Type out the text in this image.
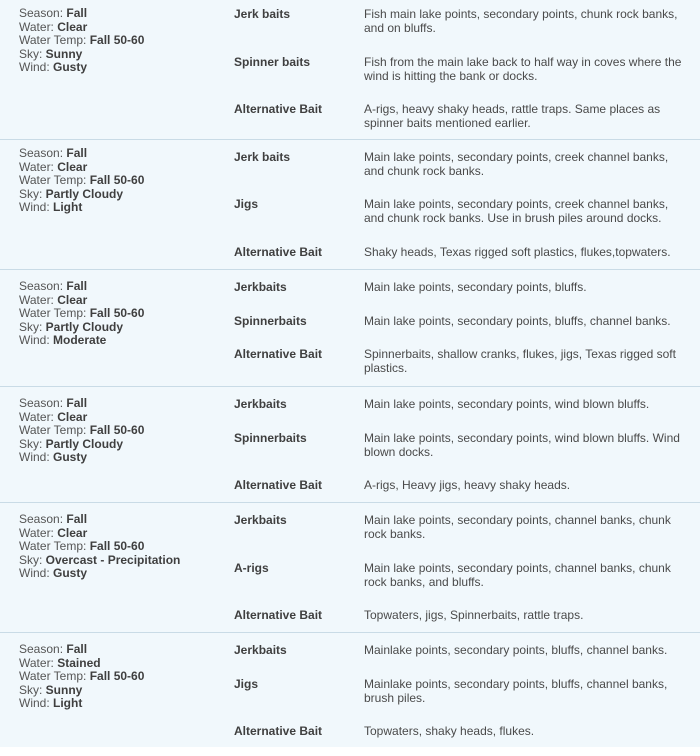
Season: Fall
Water: Clear
Water Temp: Fall 50-60
Sky: Sunny
Wind: Gusty
Jerk baits	Fish main lake points, secondary points, chunk rock banks, and on bluffs.
Spinner baits	Fish from the main lake back to half way in coves where the wind is hitting the bank or docks.
Alternative Bait	A-rigs, heavy shaky heads, rattle traps. Same places as spinner baits mentioned earlier.
Season: Fall
Water: Clear
Water Temp: Fall 50-60
Sky: Partly Cloudy
Wind: Light
Jerk baits	Main lake points, secondary points, creek channel banks, and chunk rock banks.
Jigs	Main lake points, secondary points, creek channel banks, and chunk rock banks. Use in brush piles around docks.
Alternative Bait	Shaky heads, Texas rigged soft plastics, flukes,topwaters.
Season: Fall
Water: Clear
Water Temp: Fall 50-60
Sky: Partly Cloudy
Wind: Moderate
Jerkbaits	Main lake points, secondary points, bluffs.
Spinnerbaits	Main lake points, secondary points, bluffs, channel banks.
Alternative Bait	Spinnerbaits, shallow cranks, flukes, jigs, Texas rigged soft plastics.
Season: Fall
Water: Clear
Water Temp: Fall 50-60
Sky: Partly Cloudy
Wind: Gusty
Jerkbaits	Main lake points, secondary points, wind blown bluffs.
Spinnerbaits	Main lake points, secondary points, wind blown bluffs. Wind blown docks.
Alternative Bait	A-rigs, Heavy jigs, heavy shaky heads.
Season: Fall
Water: Clear
Water Temp: Fall 50-60
Sky: Overcast - Precipitation
Wind: Gusty
Jerkbaits	Main lake points, secondary points, channel banks, chunk rock banks.
A-rigs	Main lake points, secondary points, channel banks, chunk rock banks, and bluffs.
Alternative Bait	Topwaters, jigs, Spinnerbaits, rattle traps.
Season: Fall
Water: Stained
Water Temp: Fall 50-60
Sky: Sunny
Wind: Light
Jerkbaits	Mainlake points, secondary points, bluffs, channel banks.
Jigs	Mainlake points, secondary points, bluffs, channel banks, brush piles.
Alternative Bait	Topwaters, shaky heads, flukes.
